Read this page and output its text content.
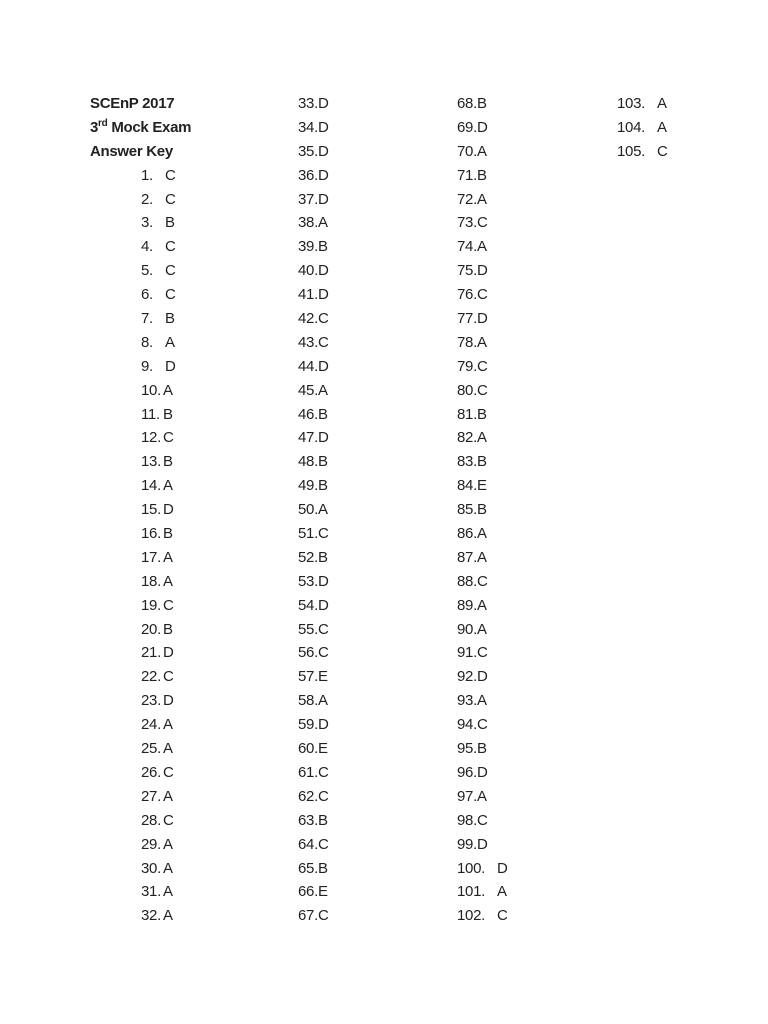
SCEnP 2017
3rd Mock Exam
Answer Key
1. C
2. C
3. B
4. C
5. C
6. C
7. B
8. A
9. D
10. A
11. B
12. C
13. B
14. A
15. D
16. B
17. A
18. A
19. C
20. B
21. D
22. C
23. D
24. A
25. A
26. C
27. A
28. C
29. A
30. A
31. A
32. A
33.D
34.D
35.D
36.D
37.D
38.A
39.B
40.D
41.D
42.C
43.C
44.D
45.A
46.B
47.D
48.B
49.B
50.A
51.C
52.B
53.D
54.D
55.C
56.C
57.E
58.A
59.D
60.E
61.C
62.C
63.B
64.C
65.B
66.E
67.C
68.B
69.D
70.A
71.B
72.A
73.C
74.A
75.D
76.C
77.D
78.A
79.C
80.C
81.B
82.A
83.B
84.E
85.B
86.A
87.A
88.C
89.A
90.A
91.C
92.D
93.A
94.C
95.B
96.D
97.A
98.C
99.D
100. D
101. A
102. C
103. A
104. A
105. C
